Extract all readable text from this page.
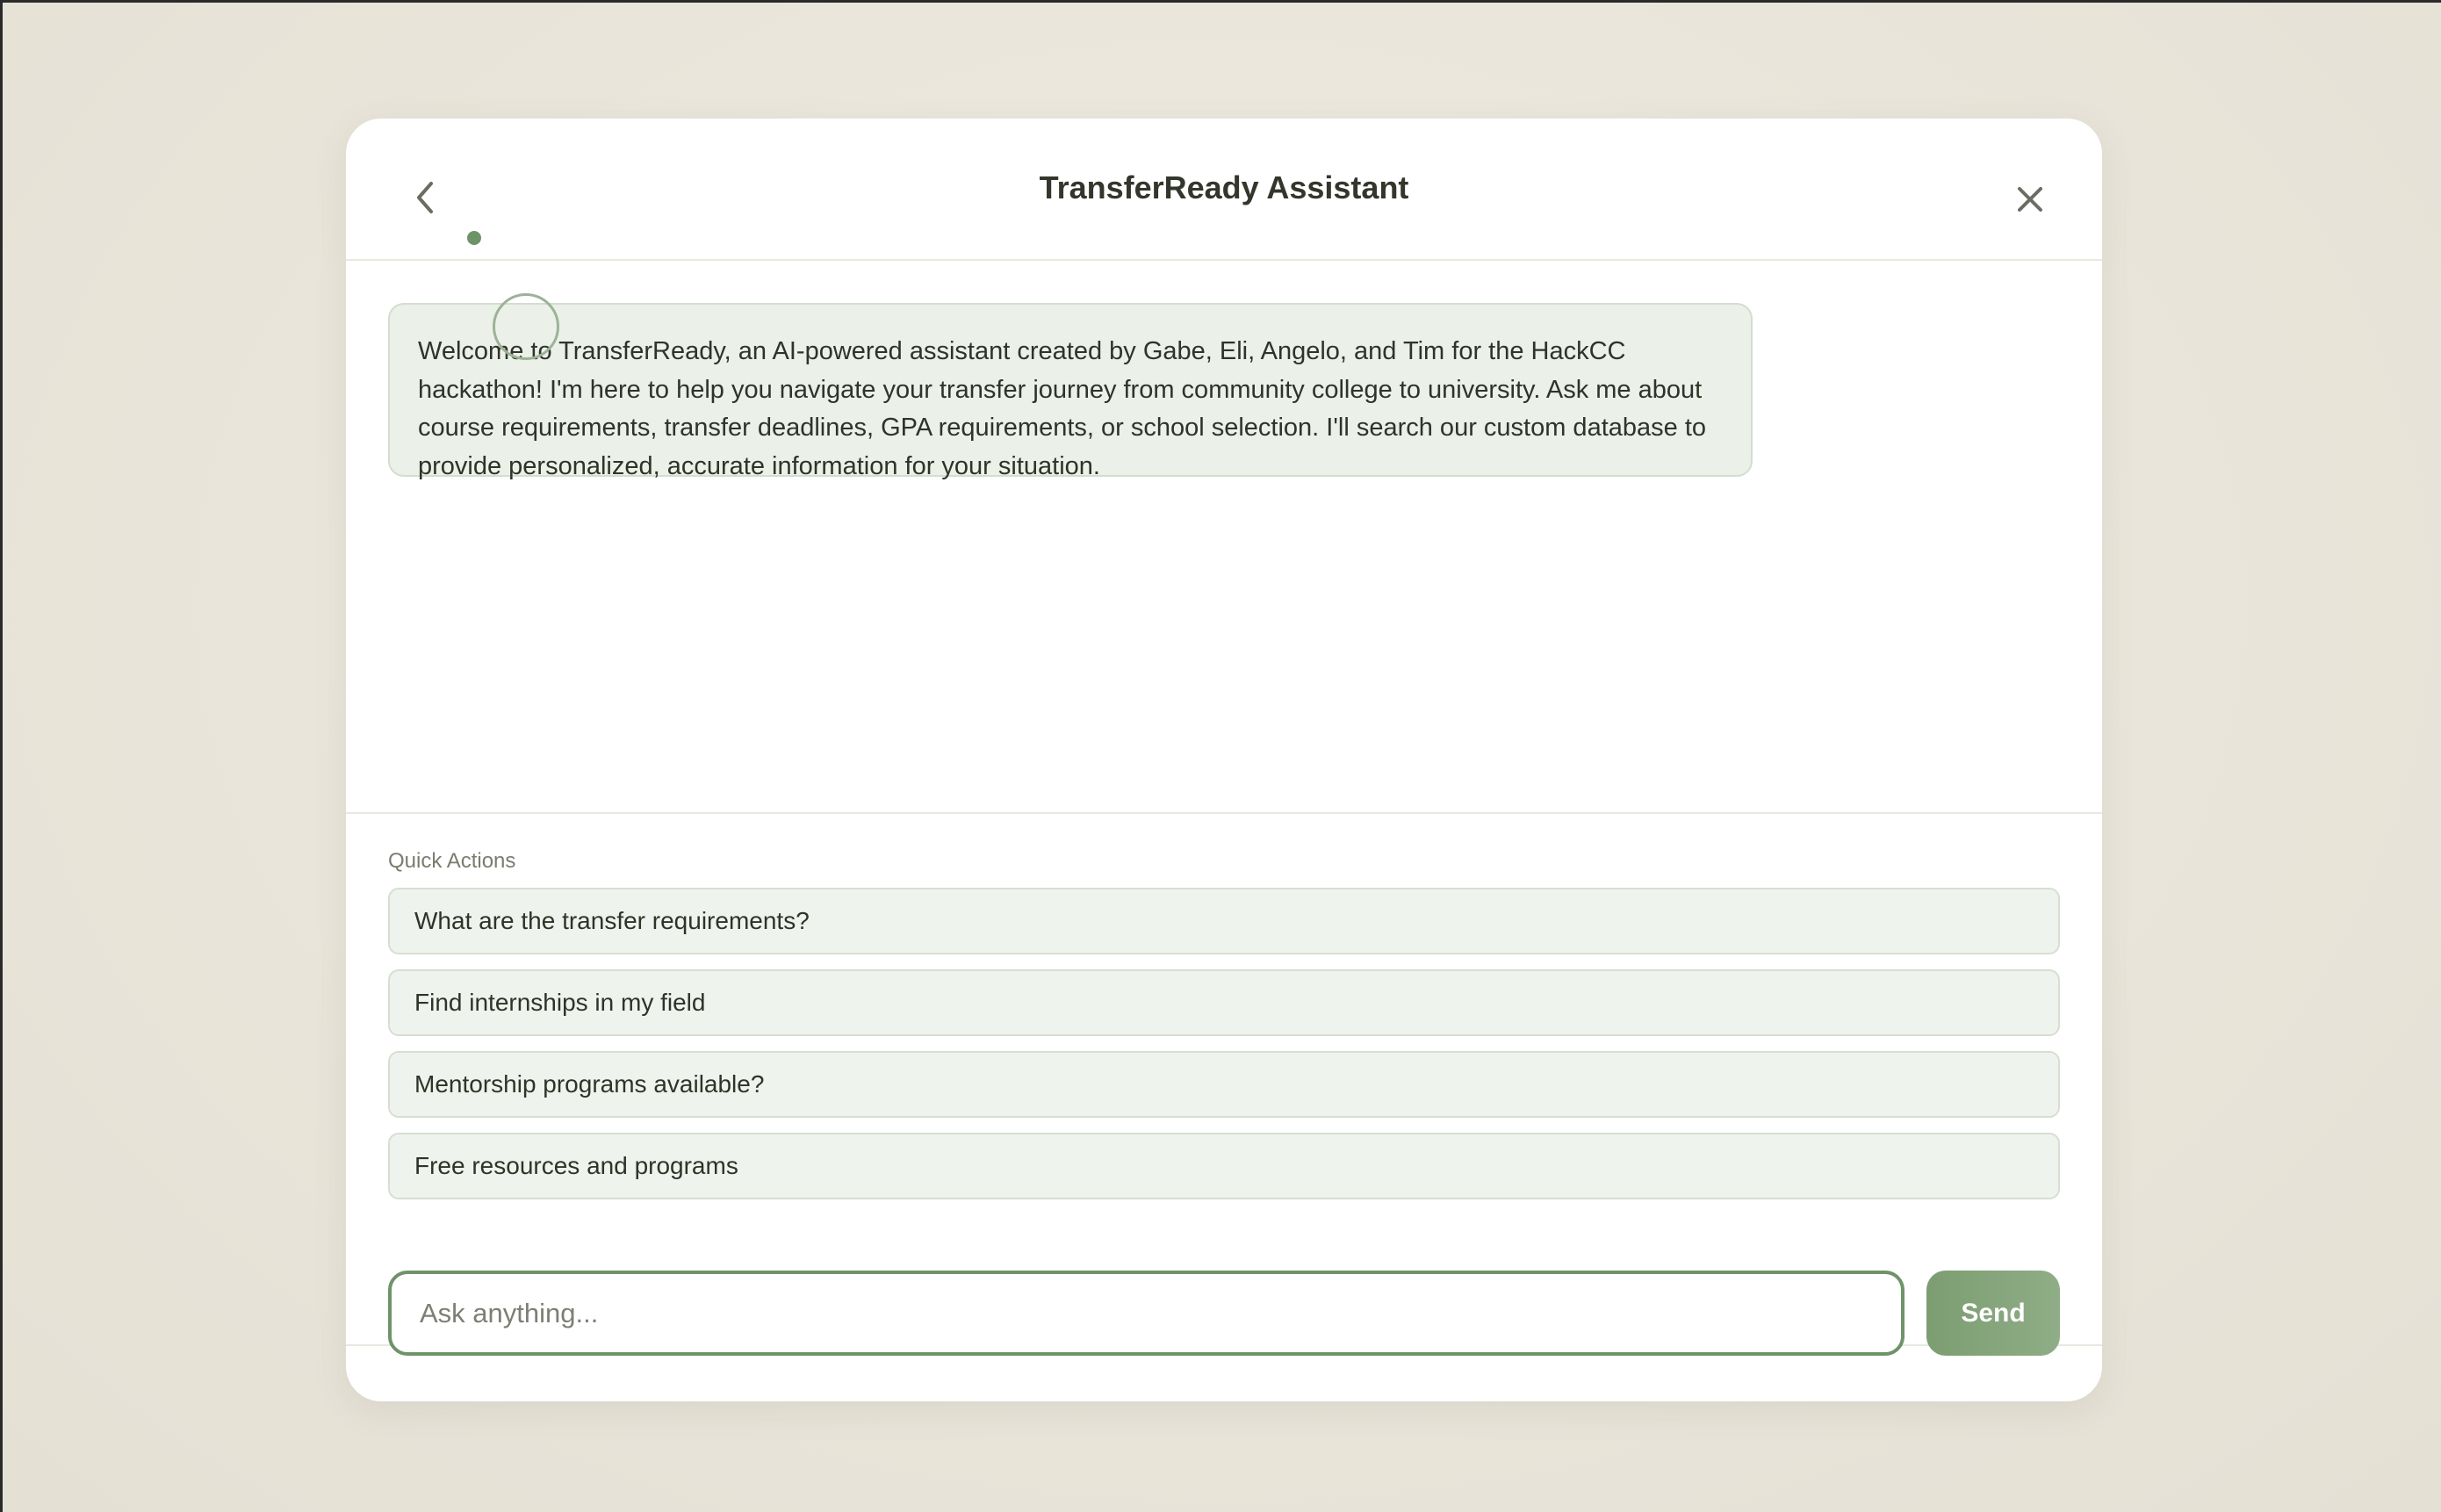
TransferReady Assistant
Welcome to TransferReady, an AI-powered assistant created by Gabe, Eli, Angelo, and Tim for the HackCC hackathon! I'm here to help you navigate your transfer journey from community college to university. Ask me about course requirements, transfer deadlines, GPA requirements, or school selection. I'll search our custom database to provide personalized, accurate information for your situation.
Quick Actions
What are the transfer requirements?
Find internships in my field
Mentorship programs available?
Free resources and programs
Ask anything...
Send
